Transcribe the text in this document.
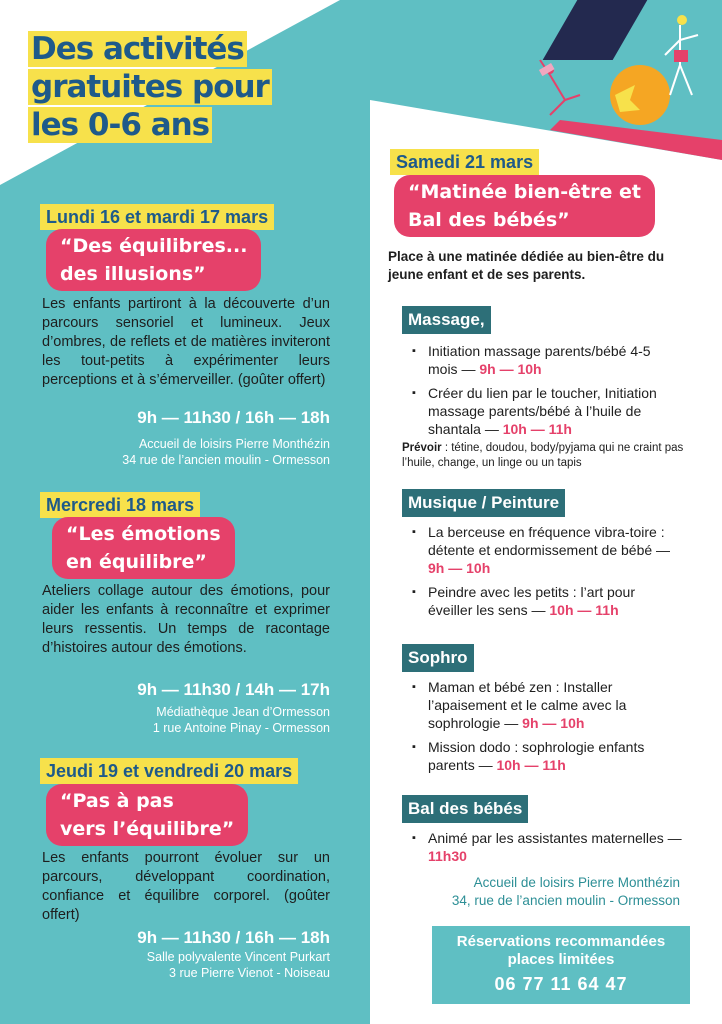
Des activités
gratuites pour
les 0-6 ans
Lundi 16 et mardi 17 mars
“Des équilibres...
des illusions”
Les enfants partiront à la découverte d’un parcours sensoriel et lumineux. Jeux d’ombres, de reflets et de matières inviteront les tout-petits à expérimenter leurs perceptions et à s’émerveiller. (goûter offert)
9h — 11h30 / 16h — 18h
Accueil de loisirs Pierre Monthézin
34 rue de l’ancien moulin - Ormesson
Mercredi 18 mars
“Les émotions
en équilibre”
Ateliers collage autour des émotions, pour aider les enfants à reconnaître et exprimer leurs ressentis. Un temps de racontage d’histoires autour des émotions.
9h — 11h30 / 14h — 17h
Médiathèque Jean d’Ormesson
1 rue Antoine Pinay - Ormesson
Jeudi 19 et vendredi 20 mars
“Pas à pas
vers l’équilibre”
Les enfants pourront évoluer sur un parcours, développant coordination, confiance et équilibre corporel. (goûter offert)
9h — 11h30 / 16h — 18h
Salle polyvalente Vincent Purkart
3 rue Pierre Vienot - Noiseau
Samedi 21 mars
“Matinée bien-être et
Bal des bébés”
Place à une matinée dédiée au bien-être du jeune enfant et de ses parents.
Massage,
▪ Initiation massage parents/bébé 4-5 mois — 9h — 10h
▪ Créer du lien par le toucher, Initiation massage parents/bébé à l’huile de shantala — 10h — 11h
Prévoir : tétine, doudou, body/pyjama qui ne craint pas l’huile, change, un linge ou un tapis
Musique / Peinture
▪ La berceuse en fréquence vibra-toire : détente et endormissement de bébé — 9h — 10h
▪ Peindre avec les petits : l’art pour éveiller les sens — 10h — 11h
Sophro
▪ Maman et bébé zen : Installer l’apaisement et le calme avec la sophrologie — 9h — 10h
▪ Mission dodo : sophrologie enfants parents — 10h — 11h
Bal des bébés
▪ Animé par les assistantes maternelles — 11h30
Accueil de loisirs Pierre Monthézin
34, rue de l’ancien moulin - Ormesson
Réservations recommandées
places limitées
06 77 11 64 47
